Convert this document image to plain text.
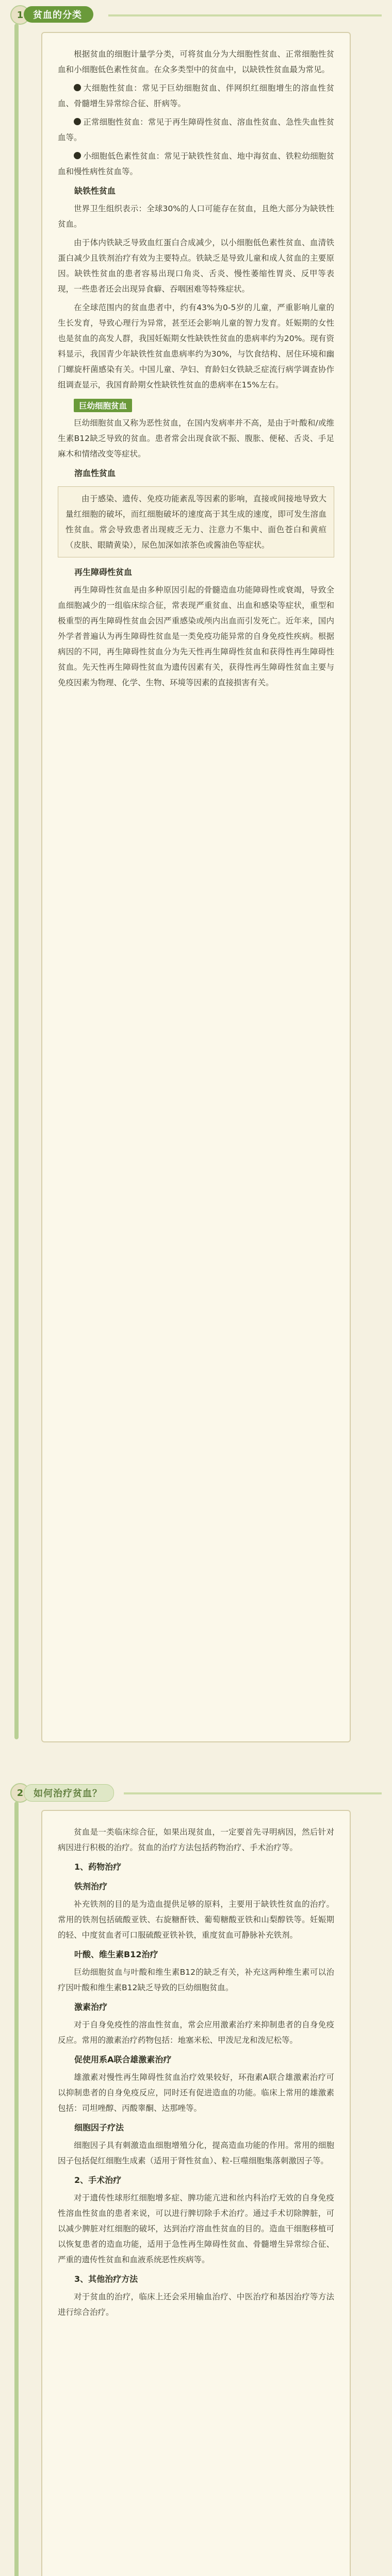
1	贫血的分类

根据贫血的细胞计量学分类，可将贫血分为大细胞性贫血、正常细胞性贫血和小细胞低色素性贫血。在众多类型中的贫血中，以缺铁性贫血最为常见。

大细胞性贫血：常见于巨幼细胞贫血、伴网织红细胞增生的溶血性贫血、骨髓增生异常综合征、肝病等。

正常细胞性贫血：常见于再生障碍性贫血、溶血性贫血、急性失血性贫血等。

小细胞低色素性贫血：常见于缺铁性贫血、地中海贫血、铁粒幼细胞贫血和慢性病性贫血等。

缺铁性贫血

世界卫生组织表示：全球30%的人口可能存在贫血，且绝大部分为缺铁性贫血。

由于体内铁缺乏导致血红蛋白合成减少，以小细胞低色素性贫血、血清铁蛋白减少且铁剂治疗有效为主要特点。铁缺乏是导致儿童和成人贫血的主要原因。缺铁性贫血的患者容易出现口角炎、舌炎、慢性萎缩性胃炎、反甲等表现，一些患者还会出现异食癖、吞咽困难等特殊症状。

在全球范围内的贫血患者中，约有43%为0-5岁的儿童，严重影响儿童的生长发育，导致心理行为异常，甚至还会影响儿童的智力发育。妊娠期的女性也是贫血的高发人群，我国妊娠期女性缺铁性贫血的患病率约为20%。现有资料显示，我国青少年缺铁性贫血患病率约为30%，与饮食结构、居住环境和幽门螺旋杆菌感染有关。中国儿童、孕妇、育龄妇女铁缺乏症流行病学调查协作组调查显示，我国育龄期女性缺铁性贫血的患病率在15%左右。

巨幼细胞贫血

巨幼细胞贫血又称为恶性贫血，在国内发病率并不高，是由于叶酸和/或维生素B12缺乏导致的贫血。患者常会出现食欲不振、腹胀、便秘、舌炎、手足麻木和情绪改变等症状。

溶血性贫血

由于感染、遗传、免疫功能紊乱等因素的影响，直接或间接地导致大量红细胞的破坏，而红细胞破坏的速度高于其生成的速度，即可发生溶血性贫血。常会导致患者出现疲乏无力、注意力不集中、面色苍白和黄疸（皮肤、眼睛黄染），尿色加深如浓茶色或酱油色等症状。

再生障碍性贫血

再生障碍性贫血是由多种原因引起的骨髓造血功能障碍性或衰竭，导致全血细胞减少的一组临床综合征，常表现严重贫血、出血和感染等症状，重型和极重型的再生障碍性贫血会因严重感染或颅内出血而引发死亡。近年来，国内外学者普遍认为再生障碍性贫血是一类免疫功能异常的自身免疫性疾病。根据病因的不同，再生障碍性贫血分为先天性再生障碍性贫血和获得性再生障碍性贫血。先天性再生障碍性贫血为遗传因素有关，获得性再生障碍性贫血主要与免疫因素为物理、化学、生物、环境等因素的直接损害有关。

2	如何治疗贫血？

贫血是一类临床综合征，如果出现贫血，一定要首先寻明病因，然后针对病因进行积极的治疗。贫血的治疗方法包括药物治疗、手术治疗等。

1、药物治疗
铁剂治疗

补充铁剂的目的是为造血提供足够的原料，主要用于缺铁性贫血的治疗。常用的铁剂包括硫酸亚铁、右旋糖酐铁、葡萄糖酸亚铁和山梨醇铁等。妊娠期的轻、中度贫血者可口服硫酸亚铁补铁，重度贫血可静脉补充铁剂。

叶酸、维生素B12治疗

巨幼细胞贫血与叶酸和维生素B12的缺乏有关，补充这两种维生素可以治疗因叶酸和维生素B12缺乏导致的巨幼细胞贫血。

激素治疗

对于自身免疫性的溶血性贫血，常会应用激素治疗来抑制患者的自身免疫反应。常用的激素治疗药物包括：地塞米松、甲泼尼龙和泼尼松等。

促使用系A联合雄激素治疗

雄激素对慢性再生障碍性贫血治疗效果较好，环孢素A联合雄激素治疗可以抑制患者的自身免疫反应，同时还有促进造血的功能。临床上常用的雄激素包括：司坦唑醇、丙酸睾酮、达那唑等。

细胞因子疗法

细胞因子具有刺激造血细胞增殖分化，提高造血功能的作用。常用的细胞因子包括促红细胞生成素（适用于肾性贫血）、粒-巨噬细胞集落刺激因子等。

2、手术治疗

对于遗传性球形红细胞增多症、脾功能亢进和丝内科治疗无效的自身免疫性溶血性贫血的患者来说，可以进行脾切除手术治疗。通过手术切除脾脏，可以减少脾脏对红细胞的破坏，达到治疗溶血性贫血的目的。造血干细胞移植可以恢复患者的造血功能，适用于急性再生障碍性贫血、骨髓增生异常综合征、严重的遗传性贫血和血液系统恶性疾病等。

3、其他治疗方法

对于贫血的治疗，临床上还会采用输血治疗、中医治疗和基因治疗等方法进行综合治疗。
